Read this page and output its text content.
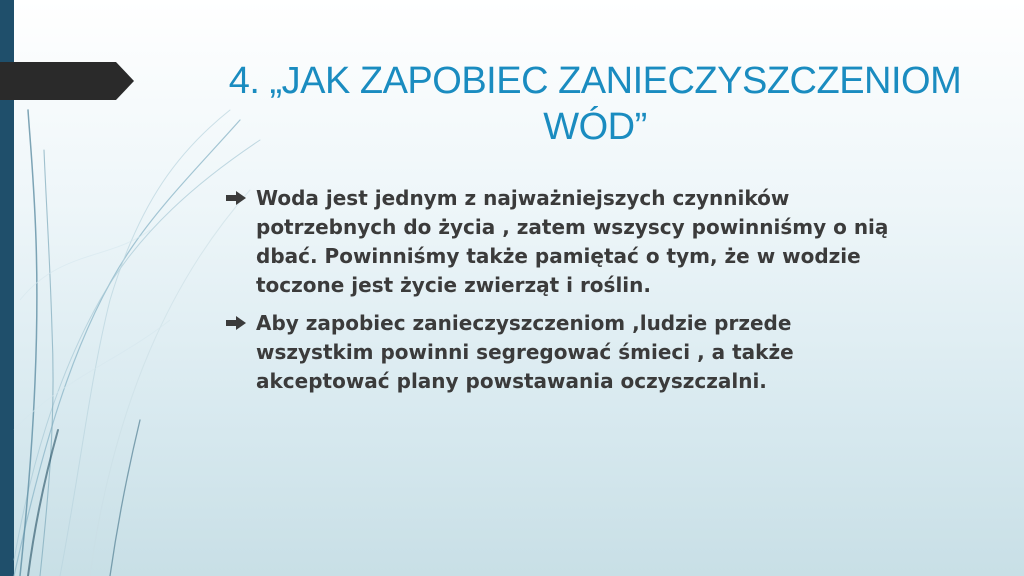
4. „JAK ZAPOBIEC ZANIECZYSZCZENIOM
WÓD”
Woda jest jednym z najważniejszych czynników
potrzebnych do życia , zatem wszyscy powinniśmy o nią
dbać. Powinniśmy także pamiętać o tym, że w wodzie
toczone jest życie zwierząt i roślin.
Aby zapobiec zanieczyszczeniom ,ludzie przede
wszystkim powinni segregować śmieci , a także
akceptować plany powstawania oczyszczalni.
